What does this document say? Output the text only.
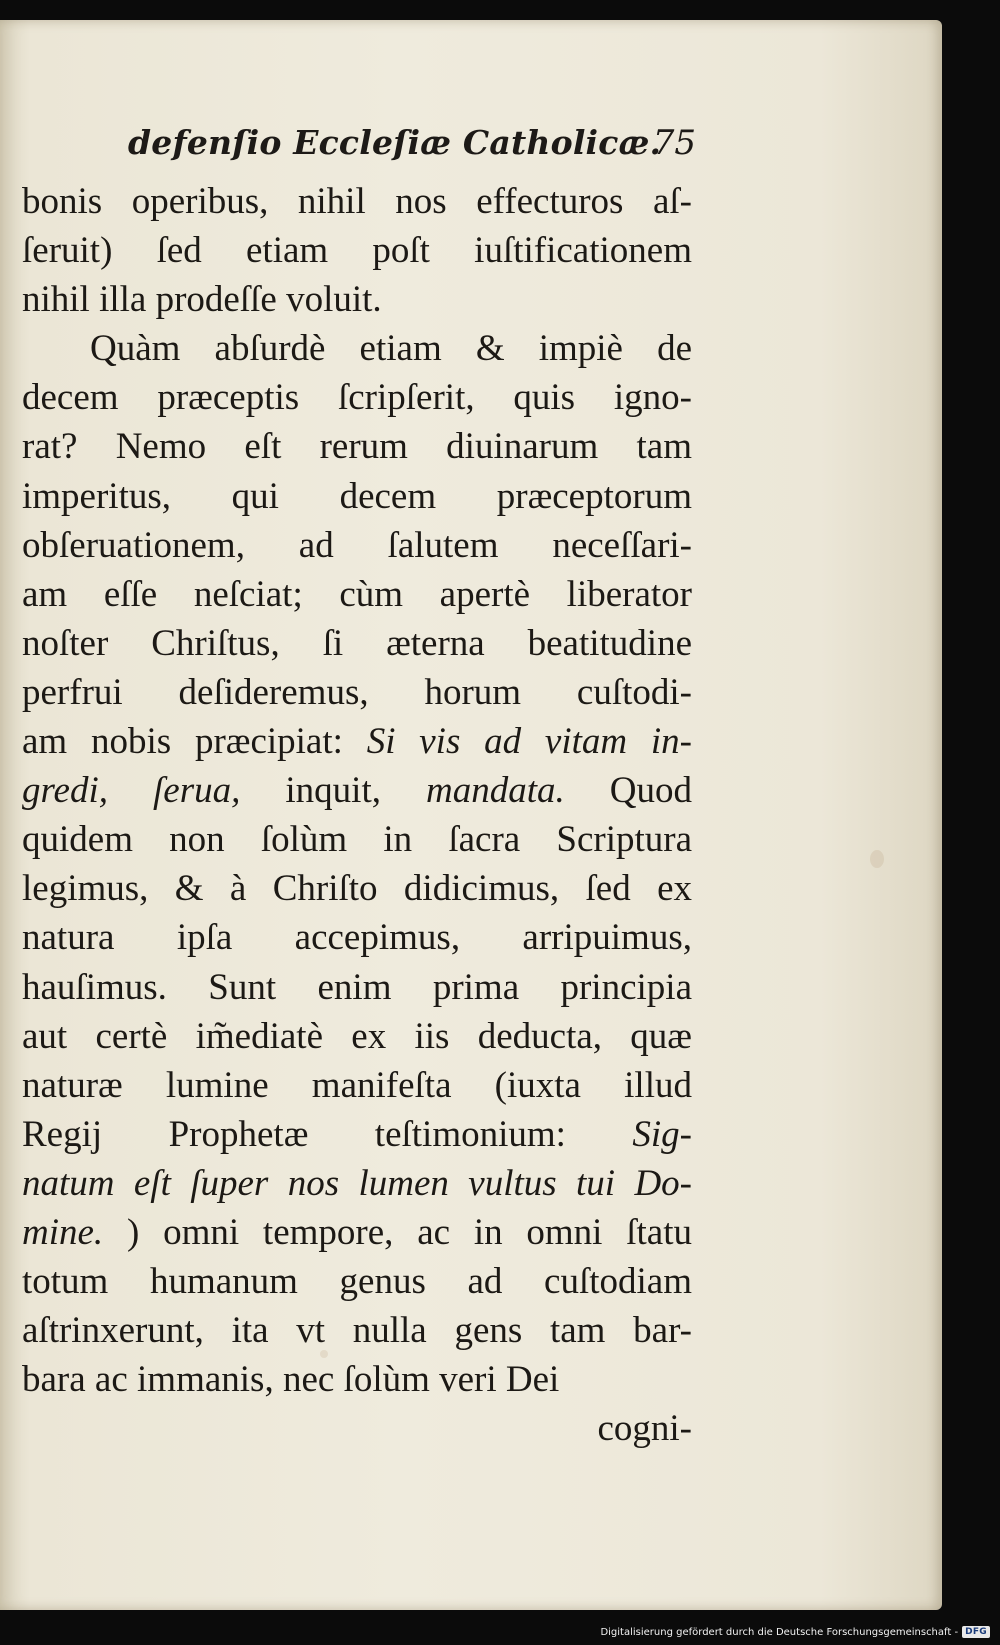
defenſio Eccleſiæ Catholicæ.
75
bonis operibus, nihil nos effecturos aſ-
ſeruit) ſed etiam poſt iuſtificationem
nihil illa prodeſſe voluit.
Quàm abſurdè etiam & impiè de
decem præceptis ſcripſerit, quis igno-
rat? Nemo eſt rerum diuinarum tam
imperitus, qui decem præceptorum
obſeruationem, ad ſalutem neceſſari-
am eſſe neſciat; cùm apertè liberator
noſter Chriſtus, ſi æterna beatitudine
perfrui deſideremus, horum cuſtodi-
am nobis præcipiat: Si vis ad vitam in-
gredi, ſerua, inquit, mandata. Quod
quidem non ſolùm in ſacra Scriptura
legimus, & à Chriſto didicimus, ſed ex
natura ipſa accepimus, arripuimus,
hauſimus. Sunt enim prima principia
aut certè im̃ediatè ex iis deducta, quæ
naturæ lumine manifeſta (iuxta illud
Regij Prophetæ teſtimonium: Sig-
natum eſt ſuper nos lumen vultus tui Do-
mine. ) omni tempore, ac in omni ſtatu
totum humanum genus ad cuſtodiam
aſtrinxerunt, ita vt nulla gens tam bar-
bara ac immanis, nec ſolùm veri Dei
cogni-
Digitalisierung gefördert durch die Deutsche Forschungsgemeinschaft - DFG
